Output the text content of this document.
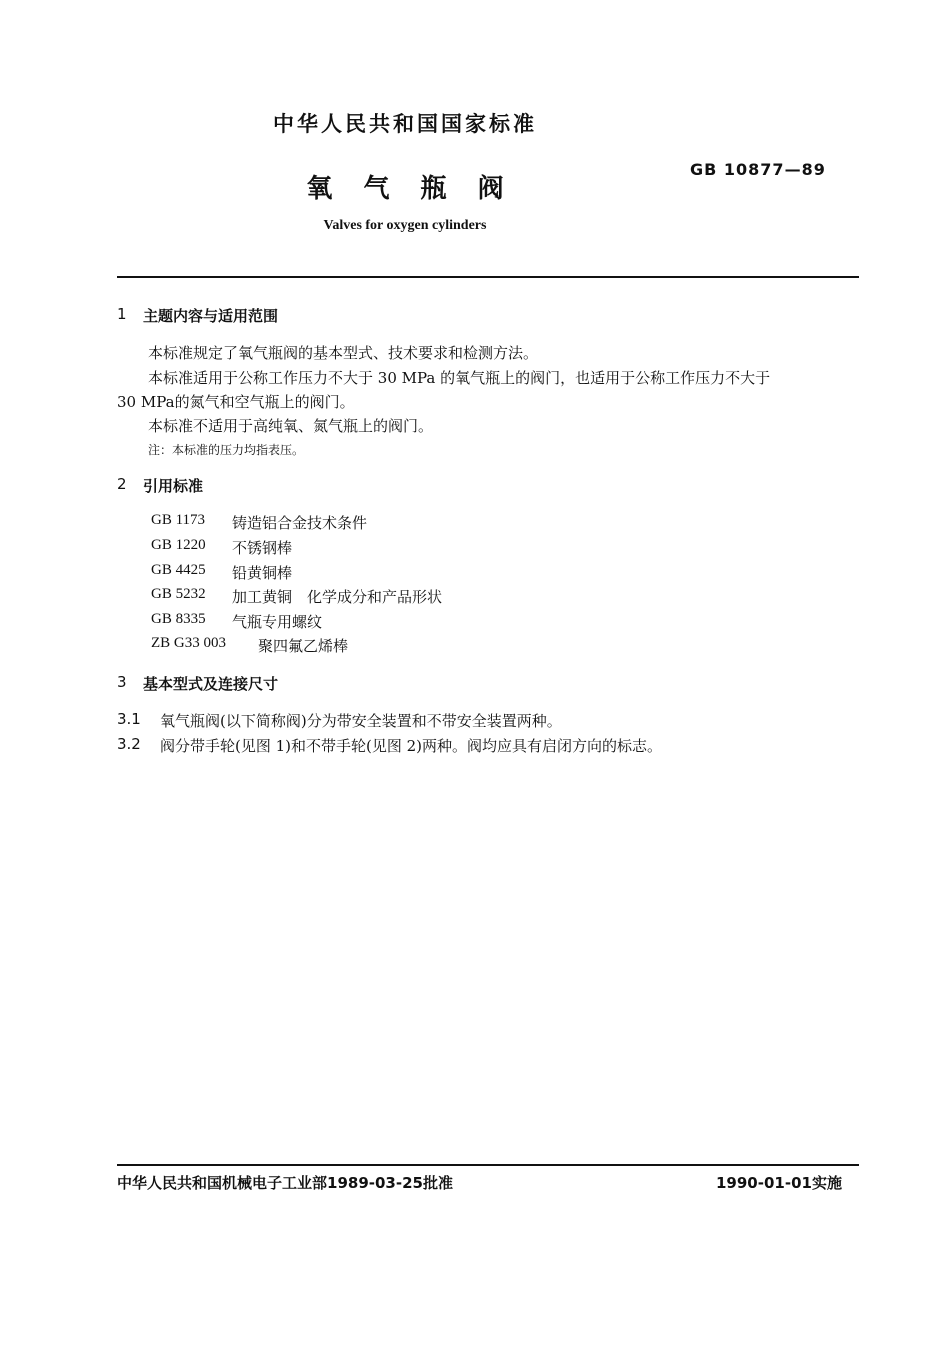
中华人民共和国国家标准
GB 10877—89
氧 气 瓶 阀
Valves for oxygen cylinders
1 主题内容与适用范围
本标准规定了氧气瓶阀的基本型式、技术要求和检测方法。
本标准适用于公称工作压力不大于 30 MPa 的氧气瓶上的阀门，也适用于公称工作压力不大于
30 MPa的氮气和空气瓶上的阀门。
本标准不适用于高纯氧、氮气瓶上的阀门。
注：本标准的压力均指表压。
2 引用标准
GB 1173 铸造铝合金技术条件
GB 1220 不锈钢棒
GB 4425 铅黄铜棒
GB 5232 加工黄铜　化学成分和产品形状
GB 8335 气瓶专用螺纹
ZB G33 003 聚四氟乙烯棒
3 基本型式及连接尺寸
3.1 氧气瓶阀(以下简称阀)分为带安全装置和不带安全装置两种。
3.2 阀分带手轮(见图 1)和不带手轮(见图 2)两种。阀均应具有启闭方向的标志。
中华人民共和国机械电子工业部1989-03-25批准	1990-01-01实施
